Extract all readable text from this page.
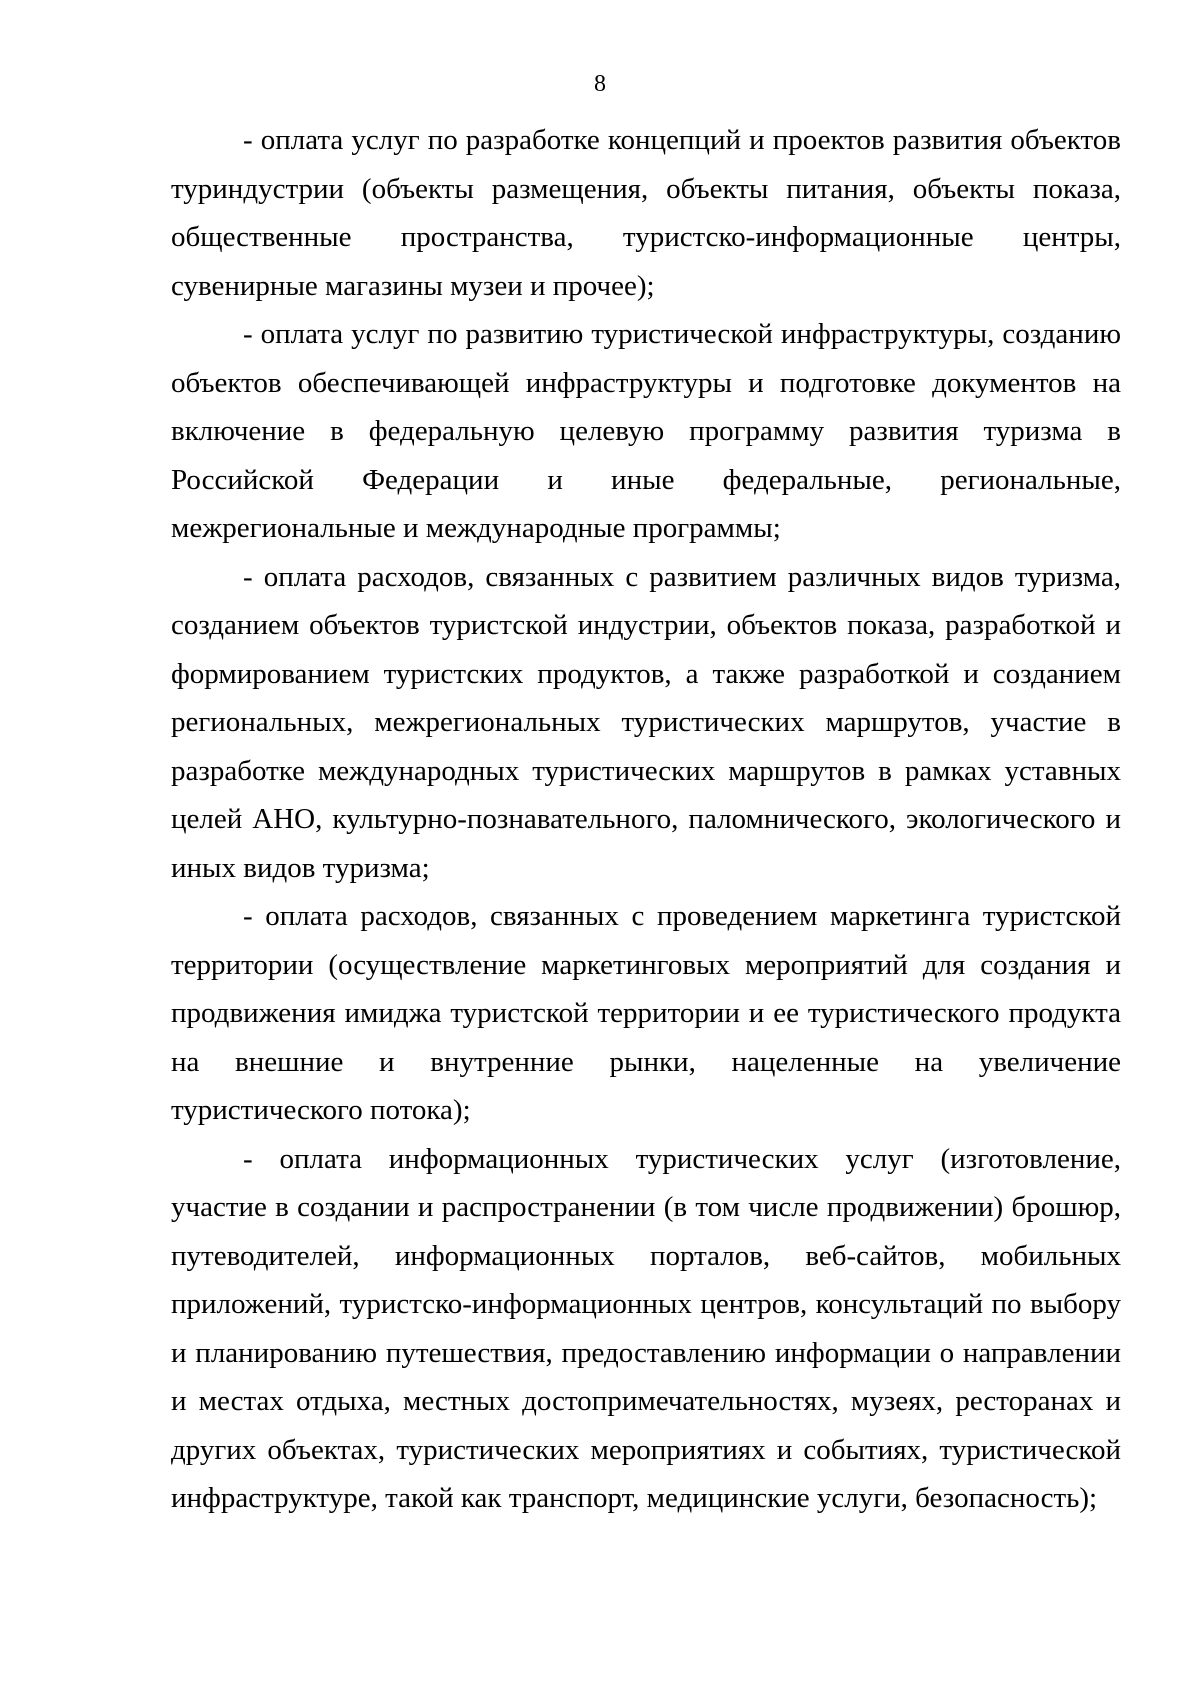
8

- оплата услуг по разработке концепций и проектов развития объектов туриндустрии (объекты размещения, объекты питания, объекты показа, общественные пространства, туристско-информационные центры, сувенирные магазины музеи и прочее);

- оплата услуг по развитию туристической инфраструктуры, созданию объектов обеспечивающей инфраструктуры и подготовке документов на включение в федеральную целевую программу развития туризма в Российской Федерации и иные федеральные, региональные, межрегиональные и международные программы;

- оплата расходов, связанных с развитием различных видов туризма, созданием объектов туристской индустрии, объектов показа, разработкой и формированием туристских продуктов, а также разработкой и созданием региональных, межрегиональных туристических маршрутов, участие в разработке международных туристических маршрутов в рамках уставных целей АНО, культурно-познавательного, паломнического, экологического и иных видов туризма;

- оплата расходов, связанных с проведением маркетинга туристской территории (осуществление маркетинговых мероприятий для создания и продвижения имиджа туристской территории и ее туристического продукта на внешние и внутренние рынки, нацеленные на увеличение туристического потока);

- оплата информационных туристических услуг (изготовление, участие в создании и распространении (в том числе продвижении) брошюр, путеводителей, информационных порталов, веб-сайтов, мобильных приложений, туристско-информационных центров, консультаций по выбору и планированию путешествия, предоставлению информации о направлении и местах отдыха, местных достопримечательностях, музеях, ресторанах и других объектах, туристических мероприятиях и событиях, туристической инфраструктуре, такой как транспорт, медицинские услуги, безопасность);
